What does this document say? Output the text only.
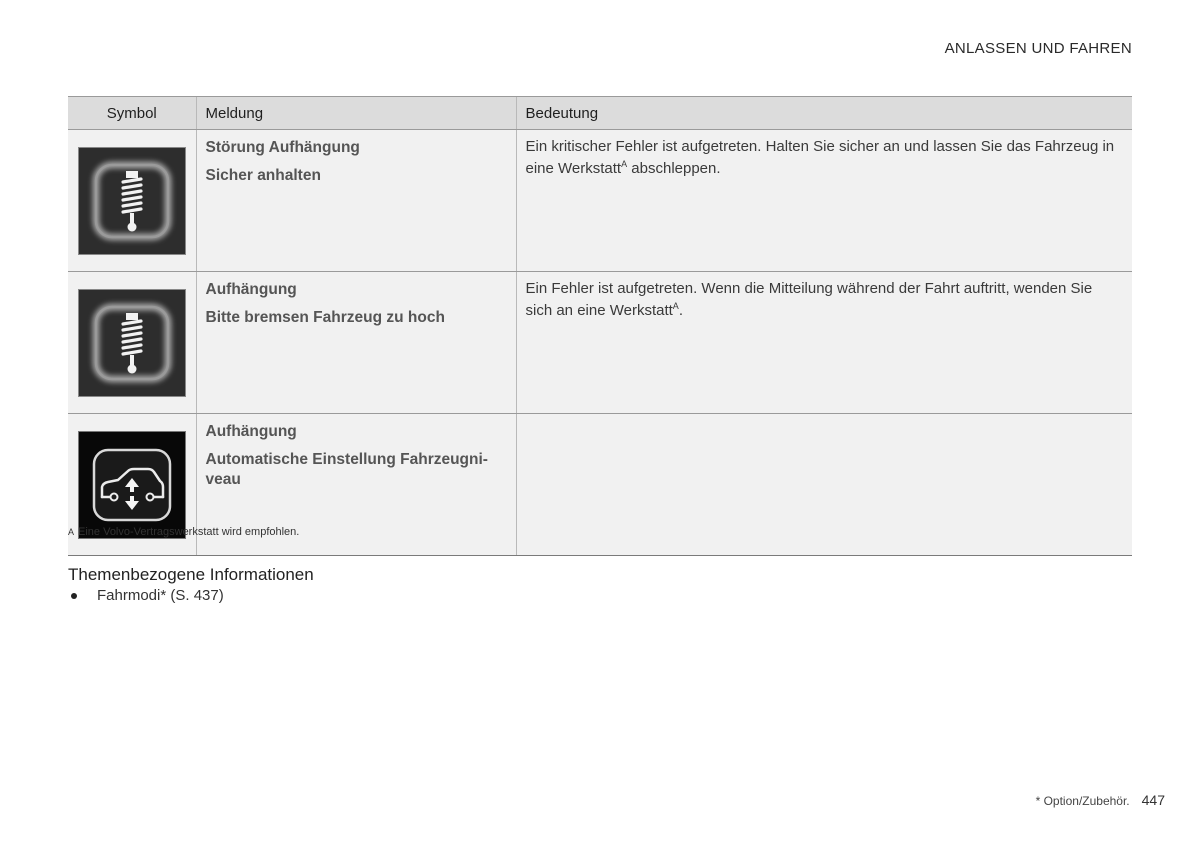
ANLASSEN UND FAHREN
Symbol	Meldung	Bedeutung

Störung Aufhängung
Sicher anhalten	Ein kritischer Fehler ist aufgetreten. Halten Sie sicher an und lassen Sie das Fahrzeug in eine Werkstatt$^A$ abschleppen.

Aufhängung
Bitte bremsen Fahrzeug zu hoch	Ein Fehler ist aufgetreten. Wenn die Mitteilung während der Fahrt auftritt, wenden Sie sich an eine Werkstatt$^A$.

Aufhängung
Automatische Einstellung Fahrzeugni-veau	

A Eine Volvo-Vertragswerkstatt wird empfohlen.
Themenbezogene Informationen
Fahrmodi* (S. 437)
* Option/Zubehör. 447
